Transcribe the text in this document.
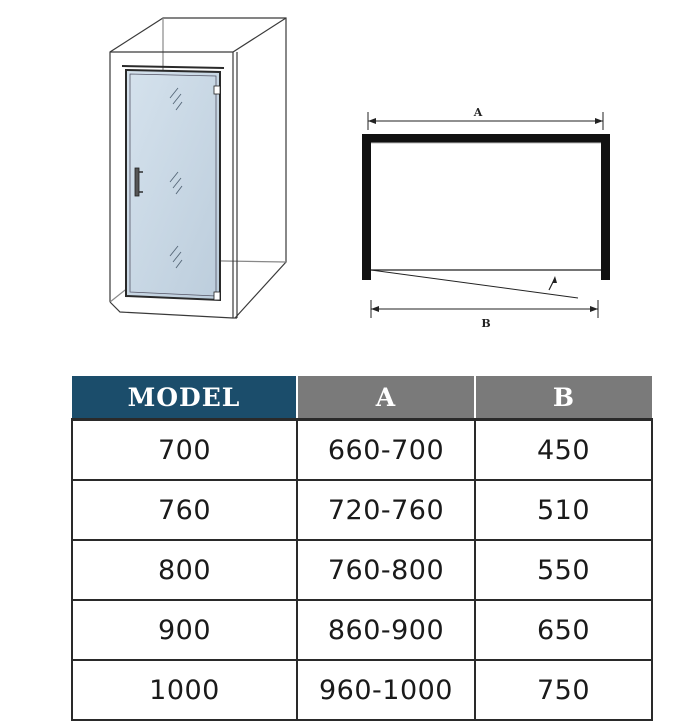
A
B
MODEL	A	B
700	660-700	450
760	720-760	510
800	760-800	550
900	860-900	650
1000	960-1000	750
